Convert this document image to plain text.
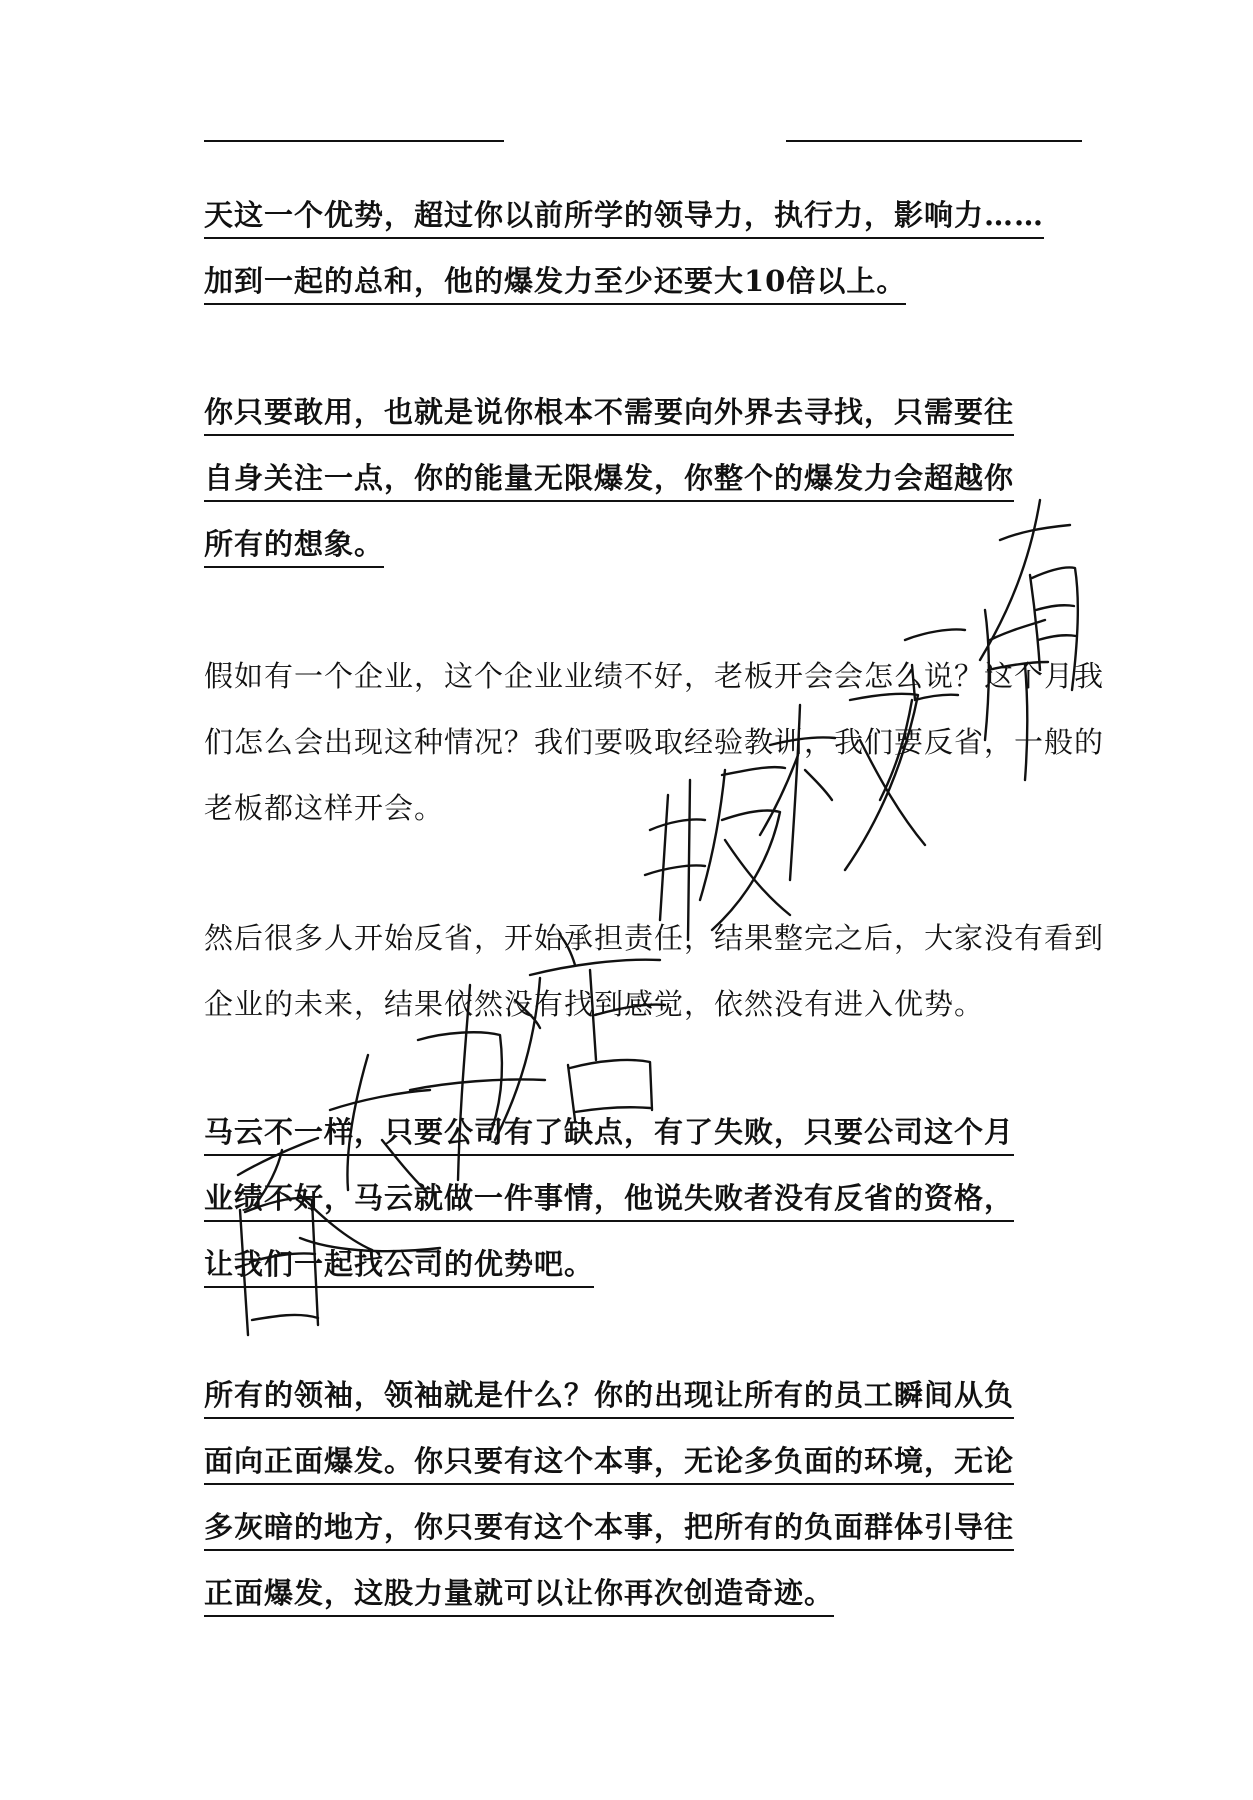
天这一个优势，超过你以前所学的领导力，执行力，影响力……
加到一起的总和，他的爆发力至少还要大10倍以上。
你只要敢用，也就是说你根本不需要向外界去寻找，只需要往
自身关注一点，你的能量无限爆发，你整个的爆发力会超越你
所有的想象。
假如有一个企业，这个企业业绩不好，老板开会会怎么说？这个月我
们怎么会出现这种情况？我们要吸取经验教训，我们要反省，一般的
老板都这样开会。
然后很多人开始反省，开始承担责任，结果整完之后，大家没有看到
企业的未来，结果依然没有找到感觉，依然没有进入优势。
马云不一样，只要公司有了缺点，有了失败，只要公司这个月
业绩不好，马云就做一件事情，他说失败者没有反省的资格，
让我们一起找公司的优势吧。
所有的领袖，领袖就是什么？你的出现让所有的员工瞬间从负
面向正面爆发。你只要有这个本事，无论多负面的环境，无论
多灰暗的地方，你只要有这个本事，把所有的负面群体引导往
正面爆发，这股力量就可以让你再次创造奇迹。
